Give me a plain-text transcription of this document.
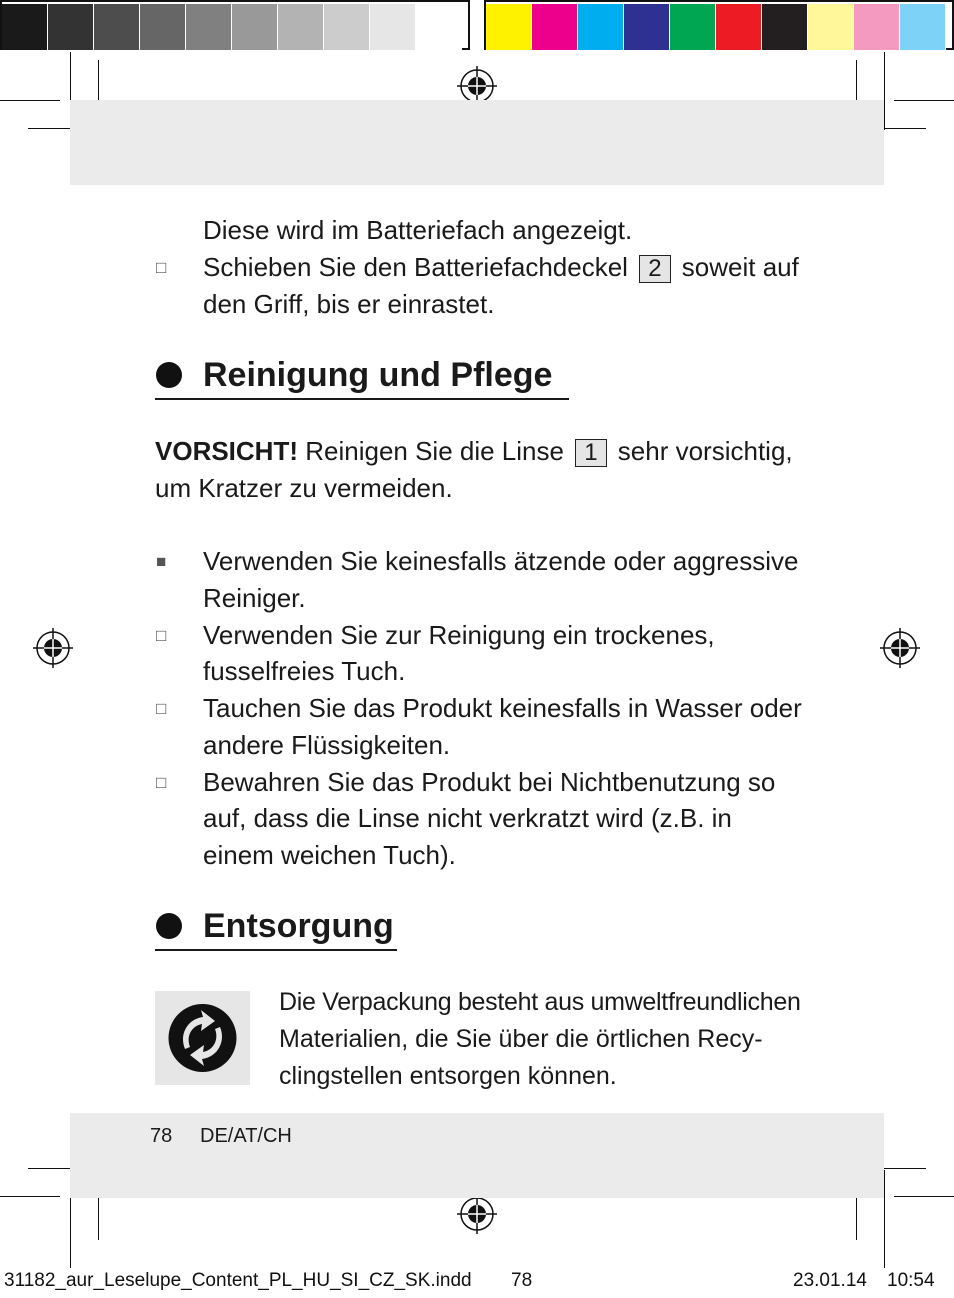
Diese wird im Batteriefach angezeigt.
□ Schieben Sie den Batteriefachdeckel 2 soweit auf
den Griff, bis er einrastet.
Reinigung und Pflege
VORSICHT! Reinigen Sie die Linse 1 sehr vorsichtig,
um Kratzer zu vermeiden.
■ Verwenden Sie keinesfalls ätzende oder aggressive
Reiniger.
□ Verwenden Sie zur Reinigung ein trockenes,
fusselfreies Tuch.
□ Tauchen Sie das Produkt keinesfalls in Wasser oder
andere Flüssigkeiten.
□ Bewahren Sie das Produkt bei Nichtbenutzung so
auf, dass die Linse nicht verkratzt wird (z.B. in
einem weichen Tuch).
Entsorgung
Die Verpackung besteht aus umweltfreundlichen
Materialien, die Sie über die örtlichen Recy-
clingstellen entsorgen können.
78 DE/AT/CH
31182_aur_Leselupe_Content_PL_HU_SI_CZ_SK.indd 78	23.01.14 10:54
